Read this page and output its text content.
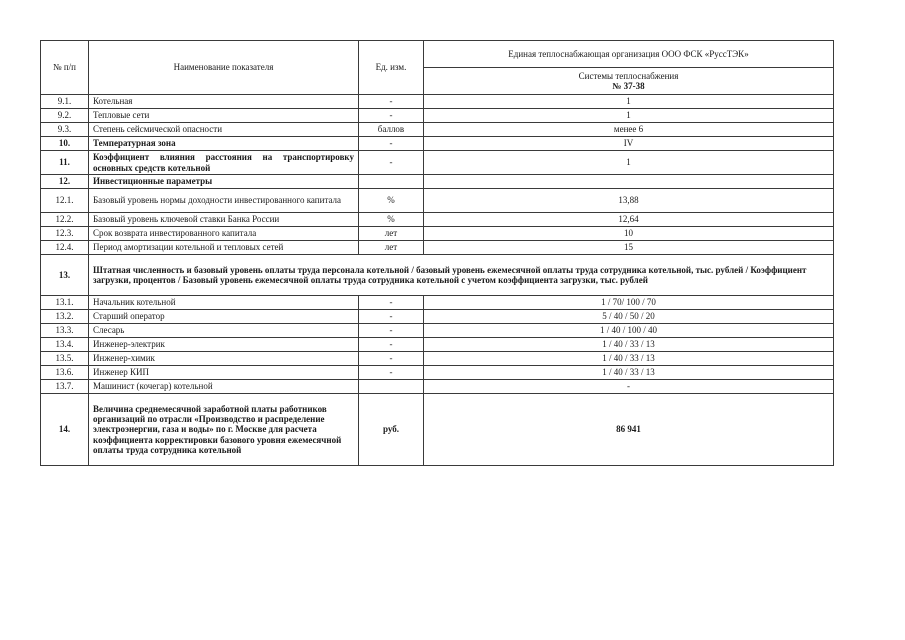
№ п/п	Наименование показателя	Ед. изм.	Единая теплоснабжающая организация ООО ФСК «РуссТЭК»

			Системы теплоснабжения
№ 37-38

9.1.	Котельная	-	1
9.2.	Тепловые сети	-	1
9.3.	Степень сейсмической опасности	баллов	менее 6
10.	Температурная зона	-	IV
11.	Коэффициент влияния расстояния на транспортировку основных средств котельной	-	1
12.	Инвестиционные параметры		
12.1.	Базовый уровень нормы доходности инвестированного капитала	%	13,88
12.2.	Базовый уровень ключевой ставки Банка России	%	12,64
12.3.	Срок возврата инвестированного капитала	лет	10
12.4.	Период амортизации котельной и тепловых сетей	лет	15
13.	Штатная численность и базовый уровень оплаты труда персонала котельной / базовый уровень ежемесячной оплаты труда сотрудника котельной, тыс. рублей / Коэффициент загрузки, процентов / Базовый уровень ежемесячной оплаты труда сотрудника котельной с учетом коэффициента загрузки, тыс. рублей		
13.1.	Начальник котельной	-	1 / 70/ 100 / 70
13.2.	Старший оператор	-	5 / 40 / 50 / 20
13.3.	Слесарь	-	1 / 40 / 100 / 40
13.4.	Инженер-электрик	-	1 / 40 / 33 / 13
13.5.	Инженер-химик	-	1 / 40 / 33 / 13
13.6.	Инженер КИП	-	1 / 40 / 33 / 13
13.7.	Машинист (кочегар) котельной		-
14.	Величина среднемесячной заработной платы работников организаций по отрасли «Производство и распределение электроэнергии, газа и воды» по г. Москве для расчета коэффициента корректировки базового уровня ежемесячной оплаты труда сотрудника котельной	руб.	86 941
